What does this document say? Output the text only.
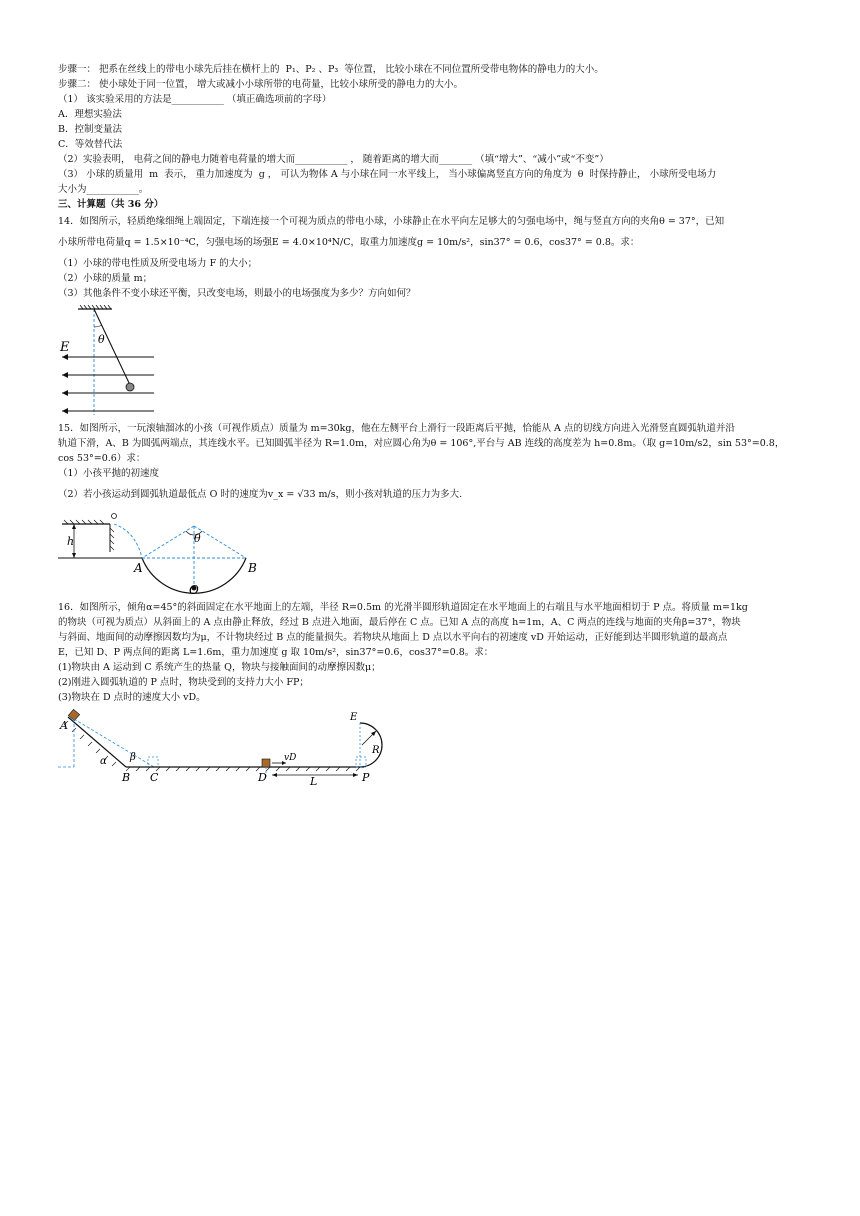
步骤一： 把系在丝线上的带电小球先后挂在横杆上的  P₁、P₂ 、P₃  等位置， 比较小球在不同位置所受带电物体的静电力的大小。
步骤二： 使小球处于同一位置， 增大或减小小球所带的电荷量，比较小球所受的静电力的大小。
（1） 该实验采用的方法是___________ （填正确选项前的字母）
A．理想实验法
B．控制变量法
C．等效替代法
（2）实验表明， 电荷之间的静电力随着电荷量的增大而___________ ， 随着距离的增大而_______ （填“增大”、“减小”或“不变”）
（3） 小球的质量用  m  表示， 重力加速度为  g ， 可认为物体 A 与小球在同一水平线上， 当小球偏离竖直方向的角度为  θ  时保持静止， 小球所受电场力
大小为___________。
三、计算题（共 36 分）
14．如图所示，轻质绝缘细绳上端固定，下端连接一个可视为质点的带电小球，小球静止在水平向左足够大的匀强电场中，绳与竖直方向的夹角θ = 37°，已知
小球所带电荷量q = 1.5×10⁻⁴C，匀强电场的场强E = 4.0×10⁴N/C，取重力加速度g = 10m/s²，sin37° = 0.6，cos37° = 0.8。求：
（1）小球的带电性质及所受电场力 F 的大小；
（2）小球的质量 m；
（3）其他条件不变小球还平衡，只改变电场，则最小的电场强度为多少？方向如何？
θ
E
15．如图所示，一玩滚轴溜冰的小孩（可视作质点）质量为 m=30kg，他在左侧平台上滑行一段距离后平抛，恰能从 A 点的切线方向进入光滑竖直圆弧轨道并沿
轨道下滑，A、B 为圆弧两端点，其连线水平。已知圆弧半径为 R=1.0m，对应圆心角为θ = 106°,平台与 AB 连线的高度差为 h=0.8m。（取 g=10m/s2，sin 53°=0.8，
cos 53°=0.6）求：
（1）小孩平抛的初速度
（2）若小孩运动到圆弧轨道最低点 O 时的速度为v_x = √33 m/s，则小孩对轨道的压力为多大.
h	θ
A	B
O
16．如图所示，倾角α=45°的斜面固定在水平地面上的左端，半径 R=0.5m 的光滑半圆形轨道固定在水平地面上的右端且与水平地面相切于 P 点。将质量 m=1kg
的物块（可视为质点）从斜面上的 A 点由静止释放，经过 B 点进入地面，最后停在 C 点。已知 A 点的高度 h=1m，A、C 两点的连线与地面的夹角β=37°，物块
与斜面、地面间的动摩擦因数均为μ，不计物块经过 B 点的能量损失。若物块从地面上 D 点以水平向右的初速度 vD 开始运动，正好能到达半圆形轨道的最高点
E，已知 D、P 两点间的距离 L=1.6m，重力加速度 g 取 10m/s²，sin37°=0.6，cos37°=0.8。求：
(1)物块由 A 运动到 C 系统产生的热量 Q，物块与接触面间的动摩擦因数μ；
(2)刚进入圆弧轨道的 P 点时，物块受到的支持力大小 FP；
(3)物块在 D 点时的速度大小 vD。
A
α β
B C
vD
D	L
R
E
P
